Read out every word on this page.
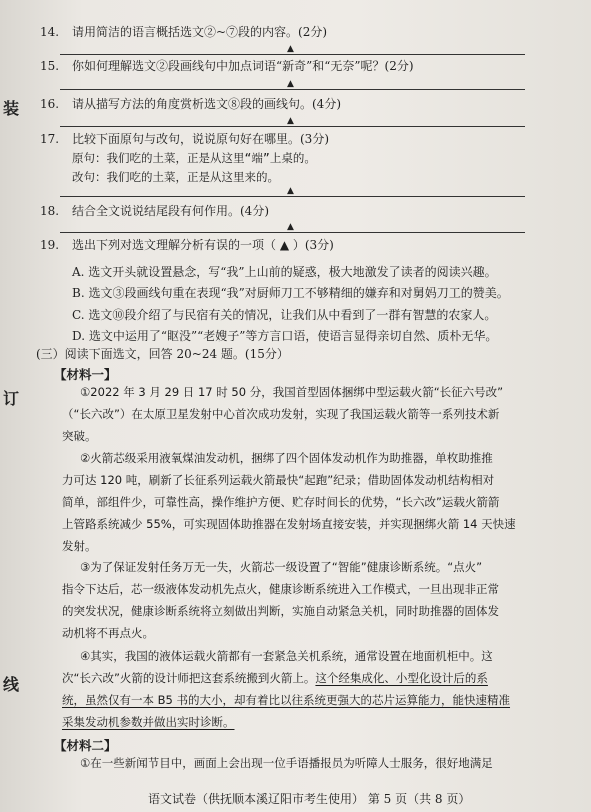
装
订
线
14. 请用简洁的语言概括选文②~⑦段的内容。(2分)
▲
15. 你如何理解选文②段画线句中加点词语“新奇”和“无奈”呢？(2分)
▲
16. 请从描写方法的角度赏析选文⑧段的画线句。(4分)
▲
17. 比较下面原句与改句，说说原句好在哪里。(3分)
原句：我们吃的土菜，正是从这里“端”上桌的。
改句：我们吃的土菜，正是从这里来的。
▲
18. 结合全文说说结尾段有何作用。(4分)
▲
19. 选出下列对选文理解分析有误的一项（ ▲ ）(3分)
A. 选文开头就设置悬念，写“我”上山前的疑惑，极大地激发了读者的阅读兴趣。
B. 选文③段画线句重在表现“我”对厨师刀工不够精细的嫌弃和对舅妈刀工的赞美。
C. 选文⑩段介绍了与民宿有关的情况，让我们从中看到了一群有智慧的农家人。
D. 选文中运用了“眍没”“老嫂子”等方言口语，使语言显得亲切自然、质朴无华。
(三）阅读下面选文，回答 20~24 题。(15分）
【材料一】
①2022 年 3 月 29 日 17 时 50 分，我国首型固体捆绑中型运载火箭“长征六号改”
（“长六改”）在太原卫星发射中心首次成功发射，实现了我国运载火箭等一系列技术新
突破。
②火箭芯级采用液氧煤油发动机，捆绑了四个固体发动机作为助推器，单枚助推推
力可达 120 吨，刷新了长征系列运载火箭最快“起跑”纪录；借助固体发动机结构相对
简单，部组件少，可靠性高，操作维护方便、贮存时间长的优势，“长六改”运载火箭箭
上管路系统减少 55%，可实现固体助推器在发射场直接安装，并实现捆绑火箭 14 天快速
发射。
③为了保证发射任务万无一失，火箭芯一级设置了“智能”健康诊断系统。“点火”
指令下达后，芯一级液体发动机先点火，健康诊断系统进入工作模式，一旦出现非正常
的突发状况，健康诊断系统将立刻做出判断，实施自动紧急关机，同时助推器的固体发
动机将不再点火。
④其实，我国的液体运载火箭都有一套紧急关机系统，通常设置在地面机柜中。这
次“长六改”火箭的设计师把这套系统搬到火箭上。这个经集成化、小型化设计后的系
统，虽然仅有一本 B5 书的大小，却有着比以往系统更强大的芯片运算能力，能快速精准
采集发动机参数并做出实时诊断。
【材料二】
①在一些新闻节目中，画面上会出现一位手语播报员为听障人士服务，很好地满足
语文试卷（供抚顺本溪辽阳市考生使用） 第 5 页（共 8 页）
